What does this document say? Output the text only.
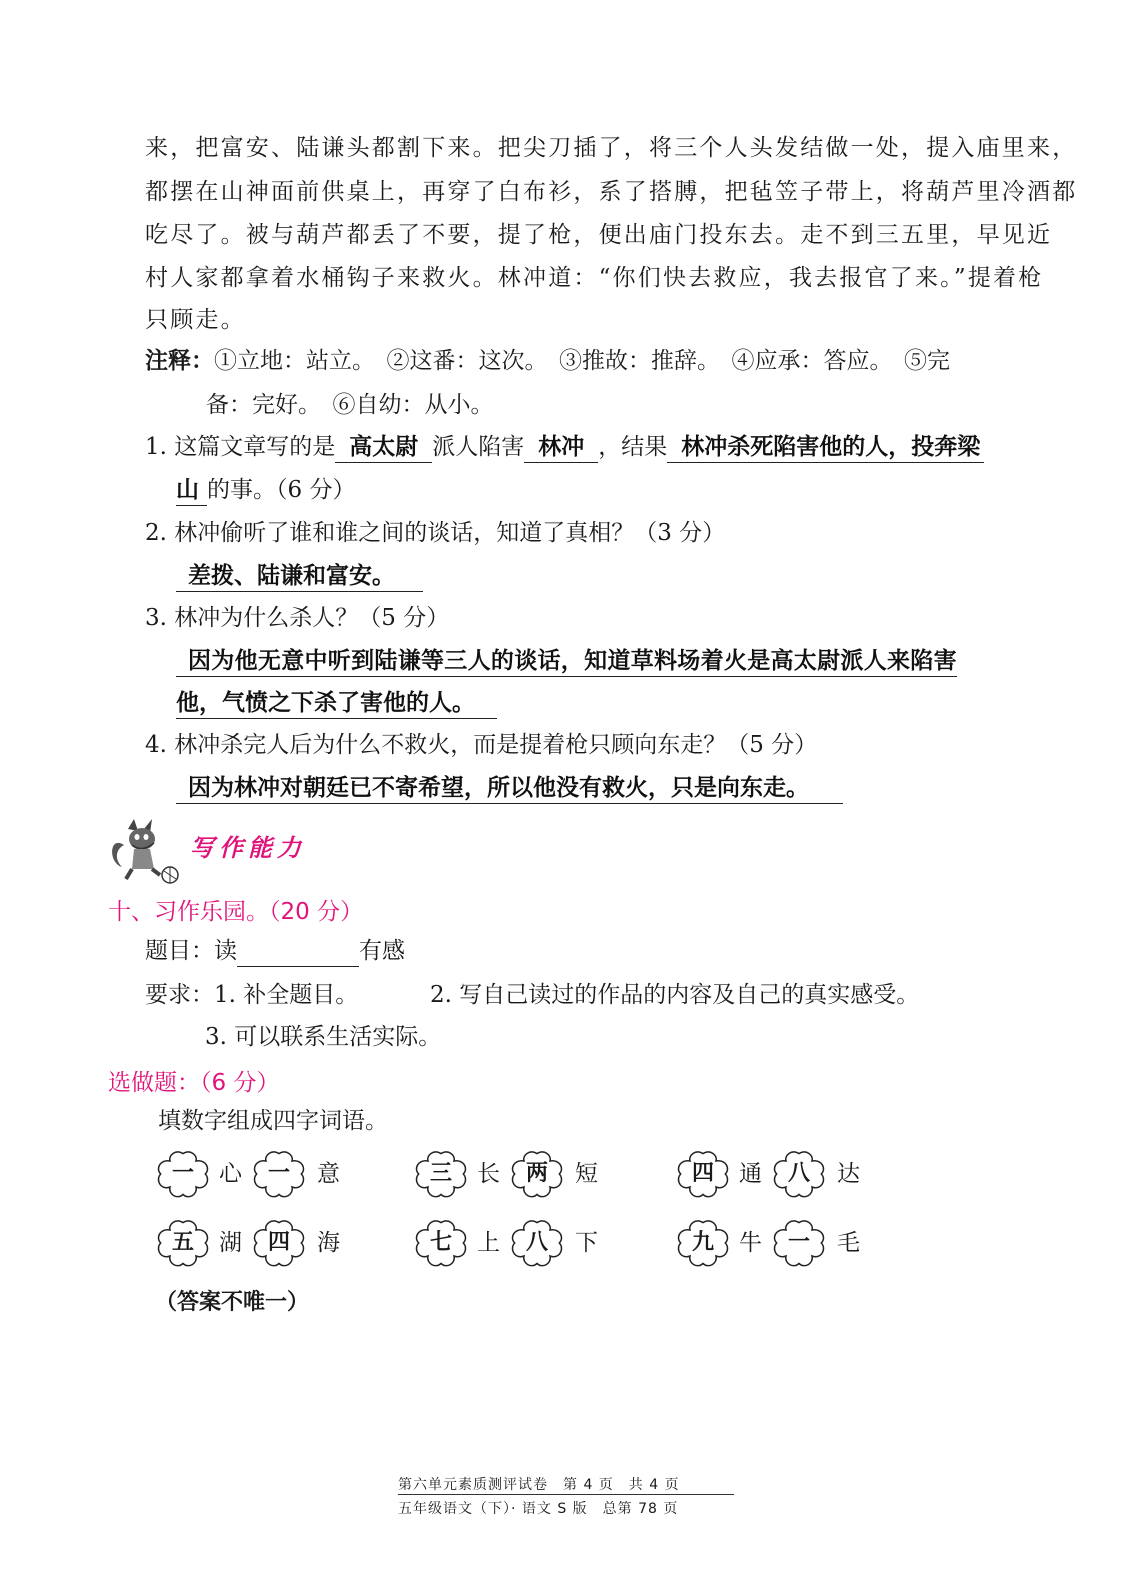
来，把富安、陆谦头都割下来。把尖刀插了，将三个人头发结做一处，提入庙里来，
都摆在山神面前供桌上，再穿了白布衫，系了搭膊，把毡笠子带上，将葫芦里冷酒都
吃尽了。被与葫芦都丢了不要，提了枪，便出庙门投东去。走不到三五里，早见近
村人家都拿着水桶钩子来救火。林冲道：“你们快去救应，我去报官了来。”提着枪
只顾走。
注释：①立地：站立。　②这番：这次。　③推故：推辞。　④应承：答应。　⑤完
备：完好。　⑥自幼：从小。
1. 这篇文章写的是 高太尉 派人陷害 林冲 ，结果 林冲杀死陷害他的人，投奔梁
山 的事。（6 分）
2. 林冲偷听了谁和谁之间的谈话，知道了真相？（3 分）
差拨、陆谦和富安。
3. 林冲为什么杀人？（5 分）
因为他无意中听到陆谦等三人的谈话，知道草料场着火是高太尉派人来陷害
他，气愤之下杀了害他的人。
4. 林冲杀完人后为什么不救火，而是提着枪只顾向东走？（5 分）
因为林冲对朝廷已不寄希望，所以他没有救火，只是向东走。
写作能力
十、习作乐园。（20 分）
题目：读	有感
要求：1. 补全题目。	2. 写自己读过的作品的内容及自己的真实感受。
3. 可以联系生活实际。
选做题：（6 分）
填数字组成四字词语。
一	心	一	意	三	长	两	短	四	通	八	达
五	湖	四	海	七	上	八	下	九	牛	一	毛
（答案不唯一）
第六单元素质测评试卷　第 4 页　共 4 页
五年级语文（下）· 语文 S 版　总第 78 页
